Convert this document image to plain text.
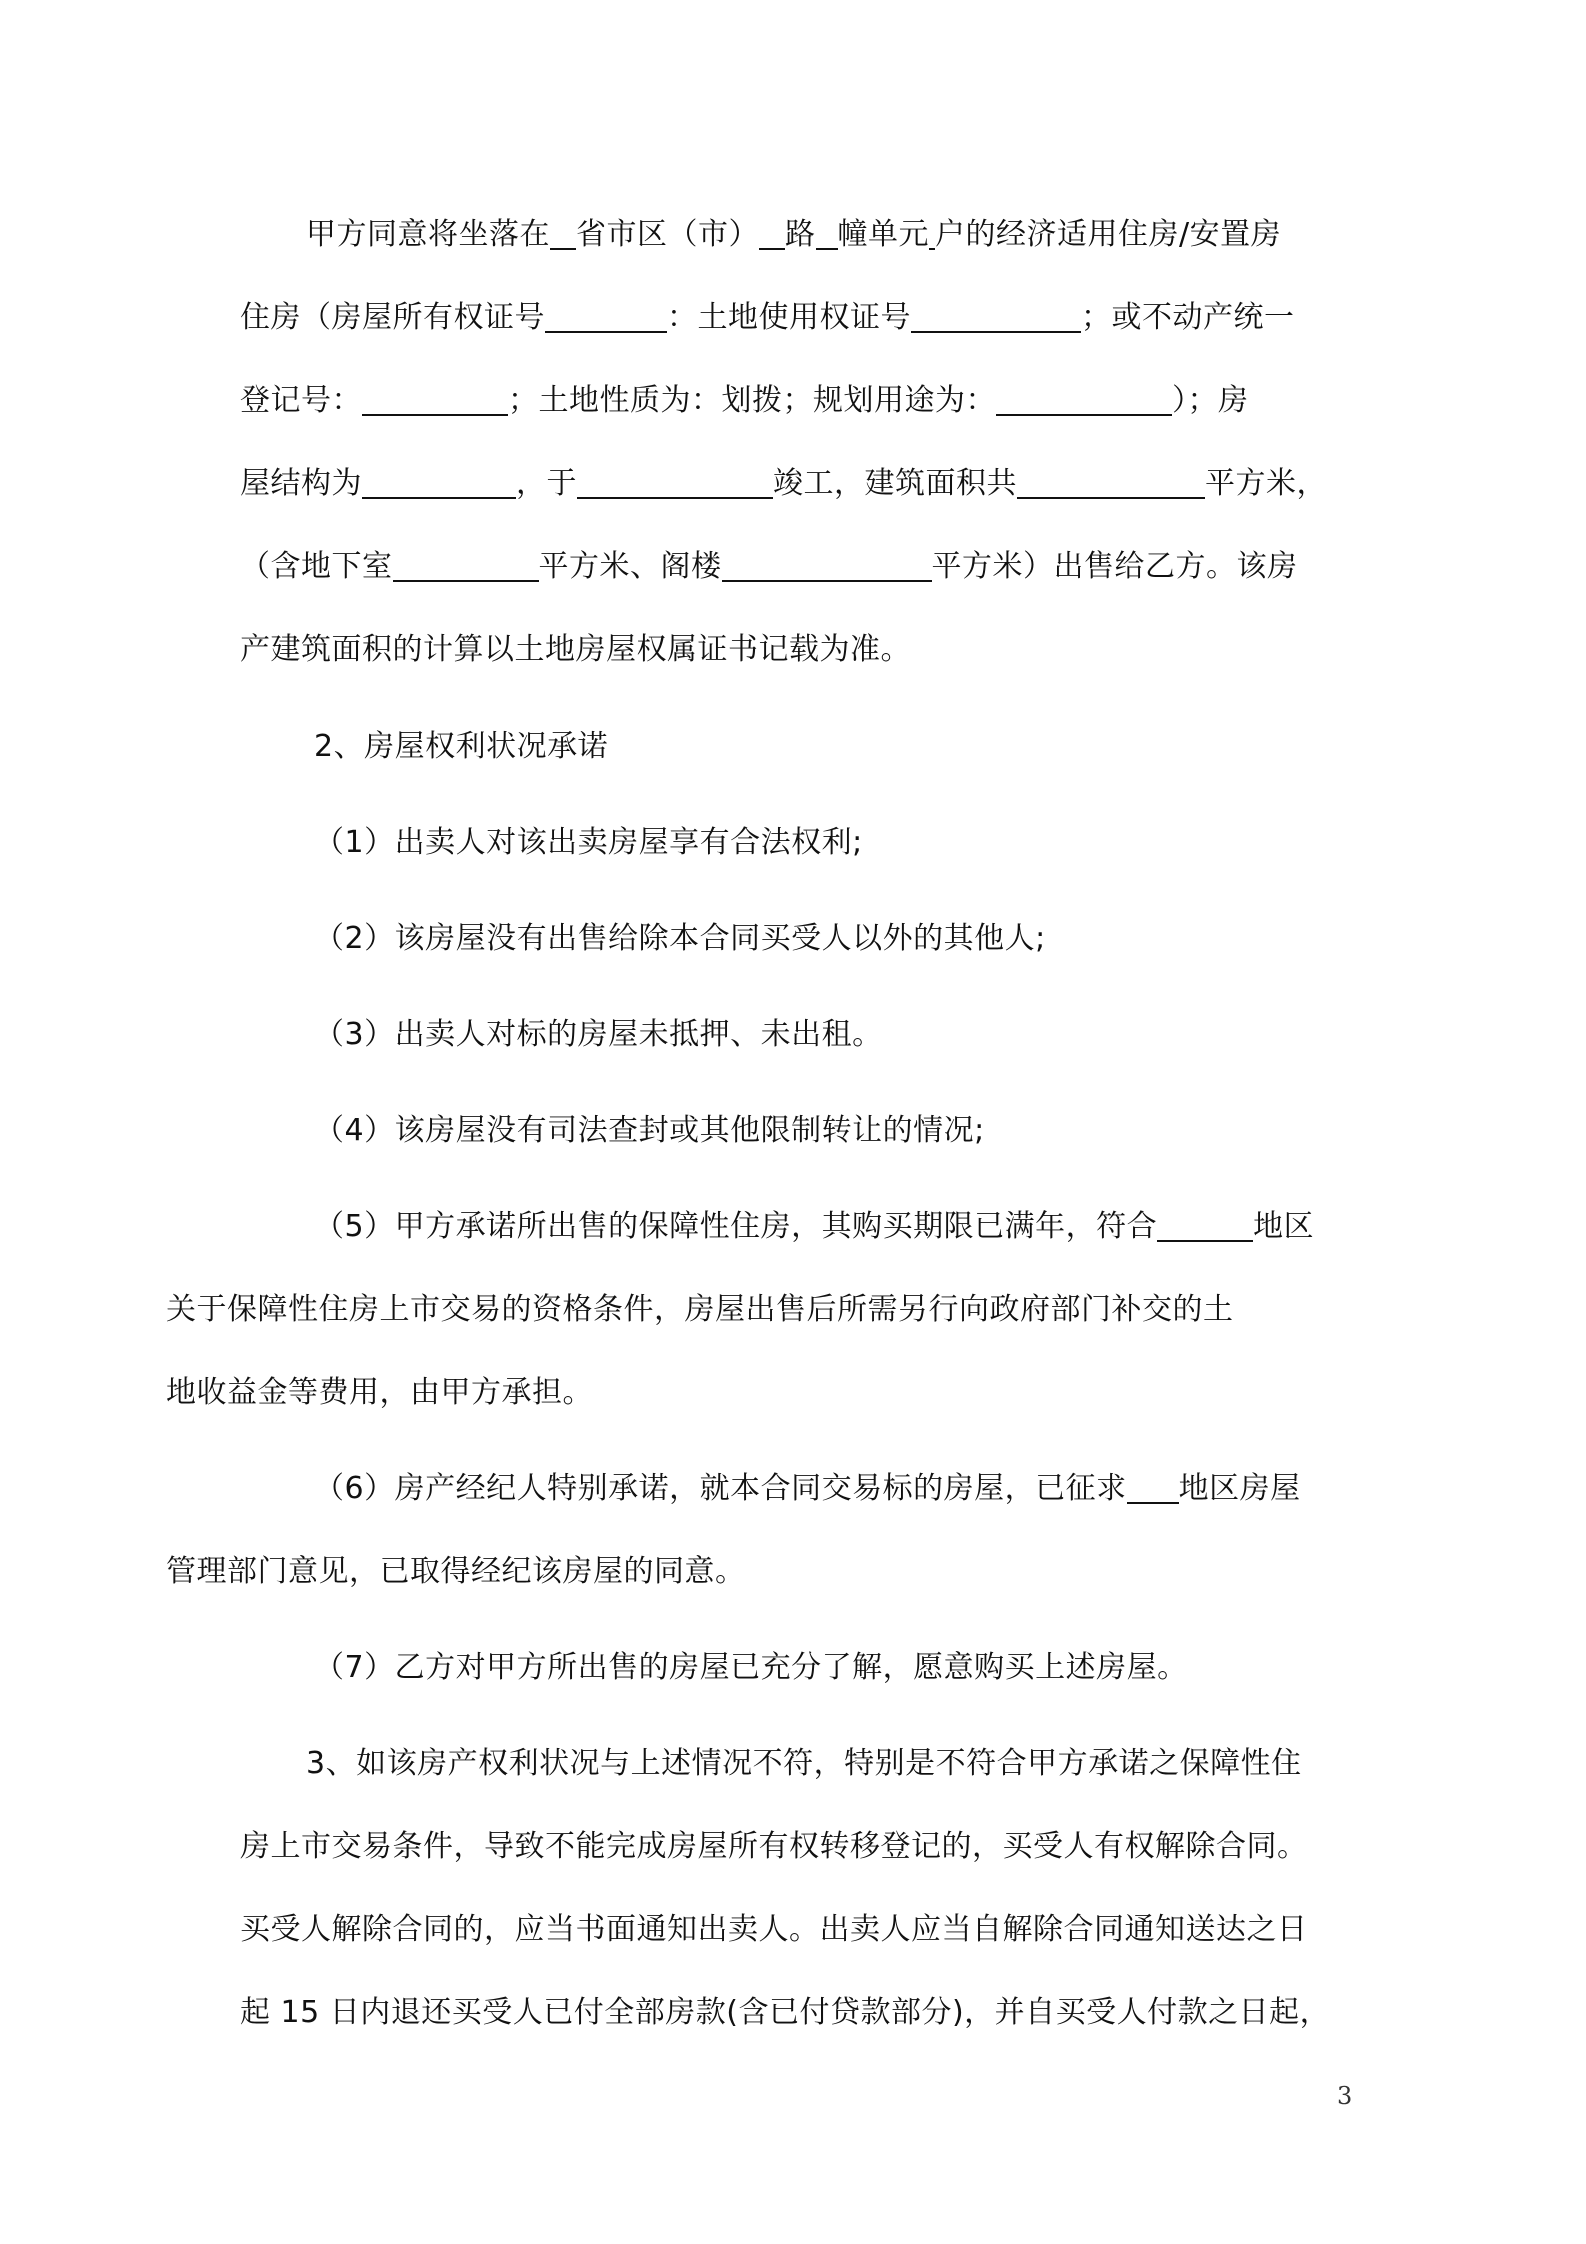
甲方同意将坐落在 省市区（市） 路 幢单元 户的经济适用住房/安置房
住房（房屋所有权证号	：土地使用权证号	；或不动产统一
登记号：	；土地性质为：划拨；规划用途为：	）；房
屋结构为	，于	竣工，建筑面积共	平方米，
（含地下室	平方米、阁楼	平方米）出售给乙方。该房
产建筑面积的计算以土地房屋权属证书记载为准。

2、房屋权利状况承诺

（1）出卖人对该出卖房屋享有合法权利;

（2）该房屋没有出售给除本合同买受人以外的其他人;

（3）出卖人对标的房屋未抵押、未出租。

（4）该房屋没有司法查封或其他限制转让的情况;

（5）甲方承诺所出售的保障性住房，其购买期限已满年，符合	地区
关于保障性住房上市交易的资格条件，房屋出售后所需另行向政府部门补交的土
地收益金等费用，由甲方承担。

（6）房产经纪人特别承诺，就本合同交易标的房屋，已征求 地区房屋
管理部门意见，已取得经纪该房屋的同意。

（7）乙方对甲方所出售的房屋已充分了解，愿意购买上述房屋。

3、如该房产权利状况与上述情况不符，特别是不符合甲方承诺之保障性住
房上市交易条件，导致不能完成房屋所有权转移登记的，买受人有权解除合同。
买受人解除合同的，应当书面通知出卖人。出卖人应当自解除合同通知送达之日
起 15 日内退还买受人已付全部房款(含已付贷款部分)，并自买受人付款之日起，

3
